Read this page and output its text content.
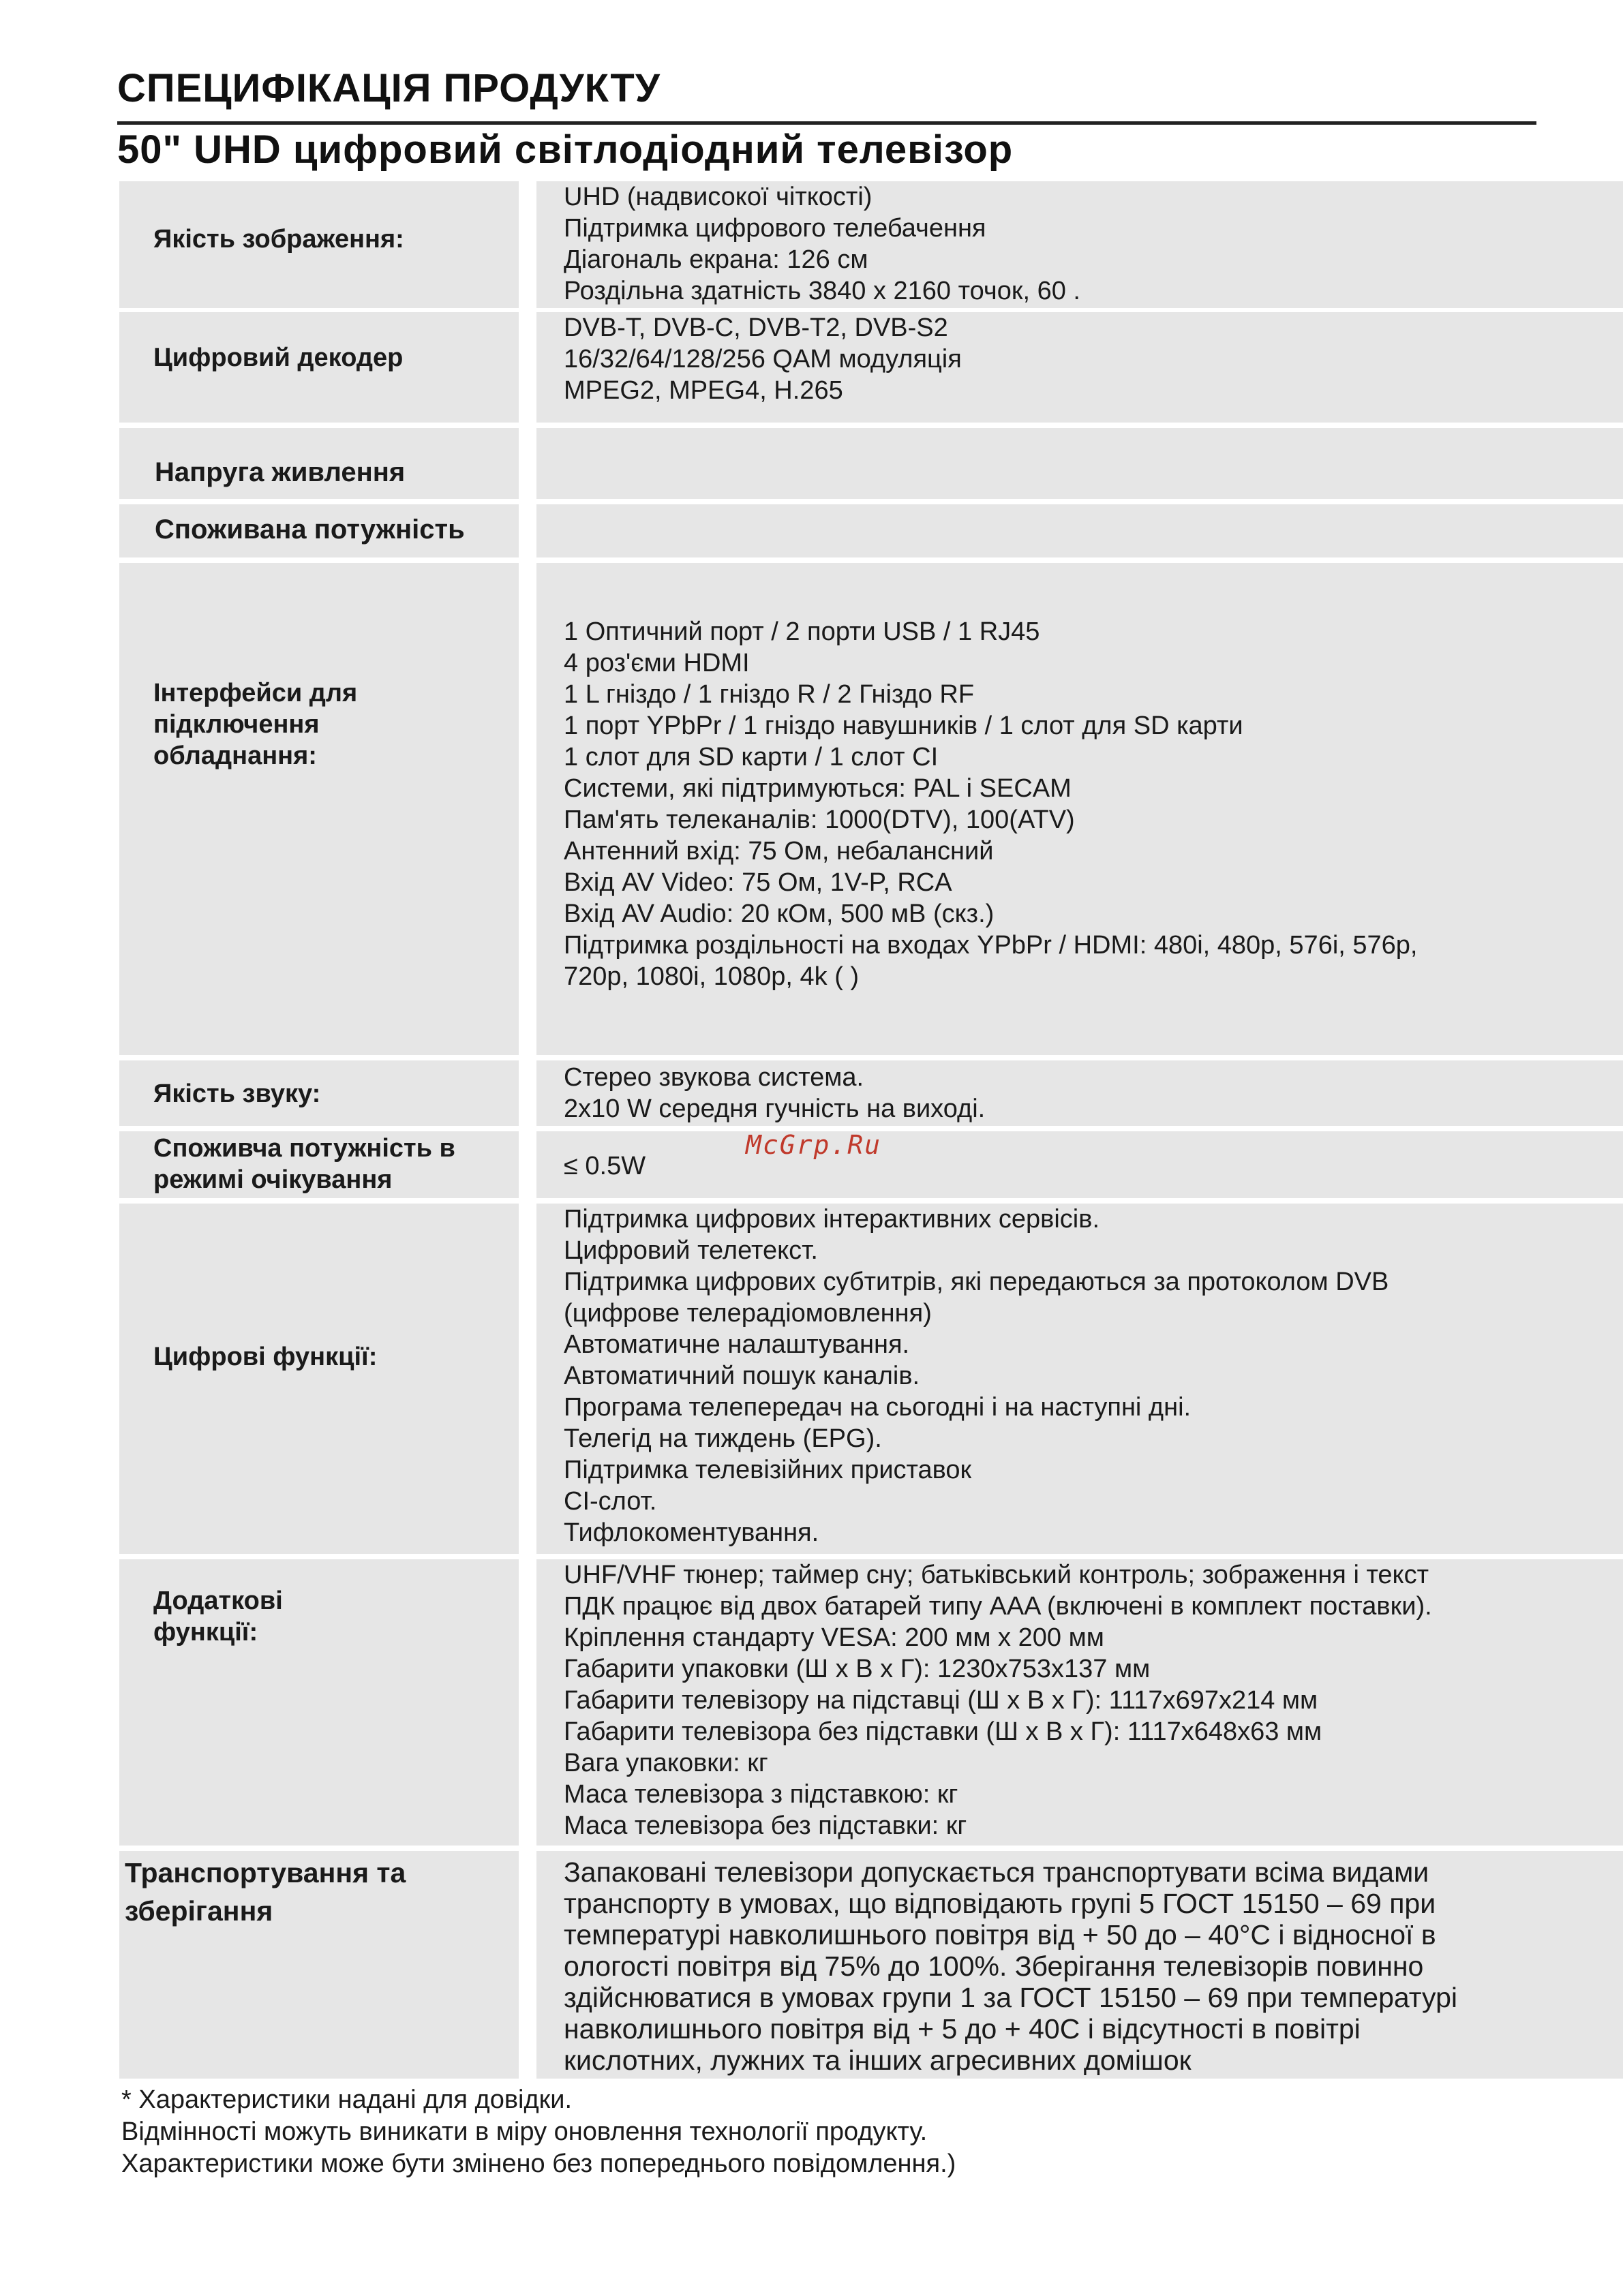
СПЕЦИФІКАЦІЯ ПРОДУКТУ
50" UHD цифровий світлодіодний телевізор
Якість зображення:
UHD (надвисокої чіткості)
Підтримка цифрового телебачення
Діагональ екрана: 126 см
Роздільна здатність 3840 x 2160 точок, 60 .
Цифровий декодер
DVB-T, DVB-C, DVB-T2, DVB-S2
16/32/64/128/256 QAM модуляція
MPEG2, MPEG4, H.265
Напруга живлення
Споживана потужність
Інтерфейси для
підключення
обладнання:
1 Оптичний порт / 2 порти USB / 1 RJ45
4 роз'єми HDMI
1 L гніздо / 1 гніздо R / 2 Гніздо RF
1 порт YPbPr / 1 гніздо навушників / 1 слот для SD карти
1 слот для SD карти / 1 слот CI
Системи, які підтримуються: PAL і SECAM
Пам'ять телеканалів: 1000(DTV), 100(ATV)
Антенний вхід: 75 Ом, небалансний
Вхід AV Video: 75 Ом, 1V-P, RCA
Вхід AV Audio: 20 кОм, 500 мВ (скз.)
Підтримка роздільності на входах YPbPr / HDMI: 480i, 480p, 576i, 576p,
720p, 1080i, 1080p, 4k ( )
Якість звуку:
Стерео звукова система.
2x10 W середня гучність на виході.
Споживча потужність в
режимі очікування	≤ 0.5W
Цифрові функції:
Підтримка цифрових інтерактивних сервісів.
Цифровий телетекст.
Підтримка цифрових субтитрів, які передаються за протоколом DVB
(цифрове телерадіомовлення)
Автоматичне налаштування.
Автоматичний пошук каналів.
Програма телепередач на сьогодні і на наступні дні.
Телегід на тиждень (EPG).
Підтримка телевізійних приставок
CI-слот.
Тифлокоментування.
Додаткові
функції:
UHF/VHF тюнер; таймер сну; батьківський контроль; зображення і текст
ПДК працює від двох батарей типу AAA (включені в комплект поставки).
Кріплення стандарту VESA: 200 мм x 200 мм
Габарити упаковки (Ш x В x Г): 1230x753x137 мм
Габарити телевізору на підставці (Ш x В x Г): 1117x697x214 мм
Габарити телевізора без підставки (Ш x В x Г): 1117x648x63 мм
Вага упаковки: кг
Маса телевізора з підставкою: кг
Маса телевізора без підставки: кг
Транспортування та
зберігання
Запаковані телевізори допускається транспортувати всіма видами
транспорту в умовах, що відповідають групі 5 ГОСТ 15150 – 69 при
температурі навколишнього повітря від + 50 до – 40°С і відносної в
ологості повітря від 75% до 100%. Зберігання телевізорів повинно
здійснюватися в умовах групи 1 за ГОСТ 15150 – 69 при температурі
навколишнього повітря від + 5 до + 40С і відсутності в повітрі
кислотних, лужних та інших агресивних домішок
McGrp.Ru
* Характеристики надані для довідки.
Відмінності можуть виникати в міру оновлення технології продукту.
Характеристики може бути змінено без попереднього повідомлення.)
